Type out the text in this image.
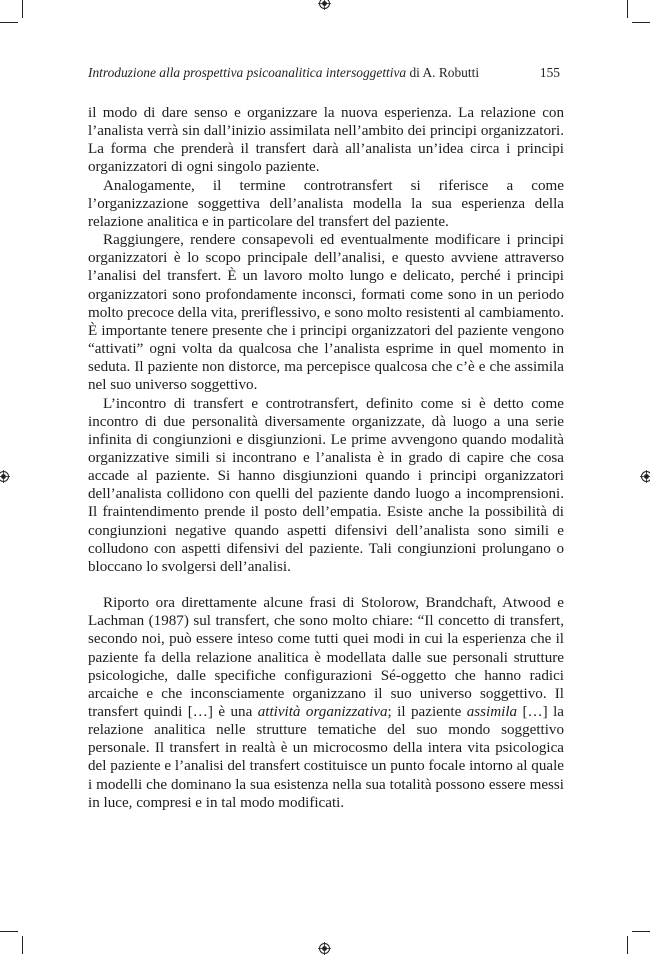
Introduzione alla prospettiva psicoanalitica intersoggettiva di A. Robutti	155

il modo di dare senso e organizzare la nuova esperienza. La relazione con l’analista verrà sin dall’inizio assimilata nell’ambito dei principi organizzatori. La forma che prenderà il transfert darà all’analista un’idea circa i principi organizzatori di ogni singolo paziente.

Analogamente, il termine controtransfert si riferisce a come l’organizzazione soggettiva dell’analista modella la sua esperienza della relazione analitica e in particolare del transfert del paziente.

Raggiungere, rendere consapevoli ed eventualmente modificare i principi organizzatori è lo scopo principale dell’analisi, e questo avviene attraverso l’analisi del transfert. È un lavoro molto lungo e delicato, perché i principi organizzatori sono profondamente inconsci, formati come sono in un periodo molto precoce della vita, preriflessivo, e sono molto resistenti al cambiamento. È importante tenere presente che i principi organizzatori del paziente vengono “attivati” ogni volta da qualcosa che l’analista esprime in quel momento in seduta. Il paziente non distorce, ma percepisce qualcosa che c’è e che assimila nel suo universo soggettivo.

L’incontro di transfert e controtransfert, definito come si è detto come incontro di due personalità diversamente organizzate, dà luogo a una serie infinita di congiunzioni e disgiunzioni. Le prime avvengono quando modalità organizzative simili si incontrano e l’analista è in grado di capire che cosa accade al paziente. Si hanno disgiunzioni quando i principi organizzatori dell’analista collidono con quelli del paziente dando luogo a incomprensioni. Il fraintendimento prende il posto dell’empatia. Esiste anche la possibilità di congiunzioni negative quando aspetti difensivi dell’analista sono simili e colludono con aspetti difensivi del paziente. Tali congiunzioni prolungano o bloccano lo svolgersi dell’analisi.

Riporto ora direttamente alcune frasi di Stolorow, Brandchaft, Atwood e Lachman (1987) sul transfert, che sono molto chiare: “Il concetto di transfert, secondo noi, può essere inteso come tutti quei modi in cui la esperienza che il paziente fa della relazione analitica è modellata dalle sue personali strutture psicologiche, dalle specifiche configurazioni Sé-oggetto che hanno radici arcaiche e che inconsciamente organizzano il suo universo soggettivo. Il transfert quindi […] è una attività organizzativa; il paziente assimila […] la relazione analitica nelle strutture tematiche del suo mondo soggettivo personale. Il transfert in realtà è un microcosmo della intera vita psicologica del paziente e l’analisi del transfert costituisce un punto focale intorno al quale i modelli che dominano la sua esistenza nella sua totalità possono essere messi in luce, compresi e in tal modo modificati.
